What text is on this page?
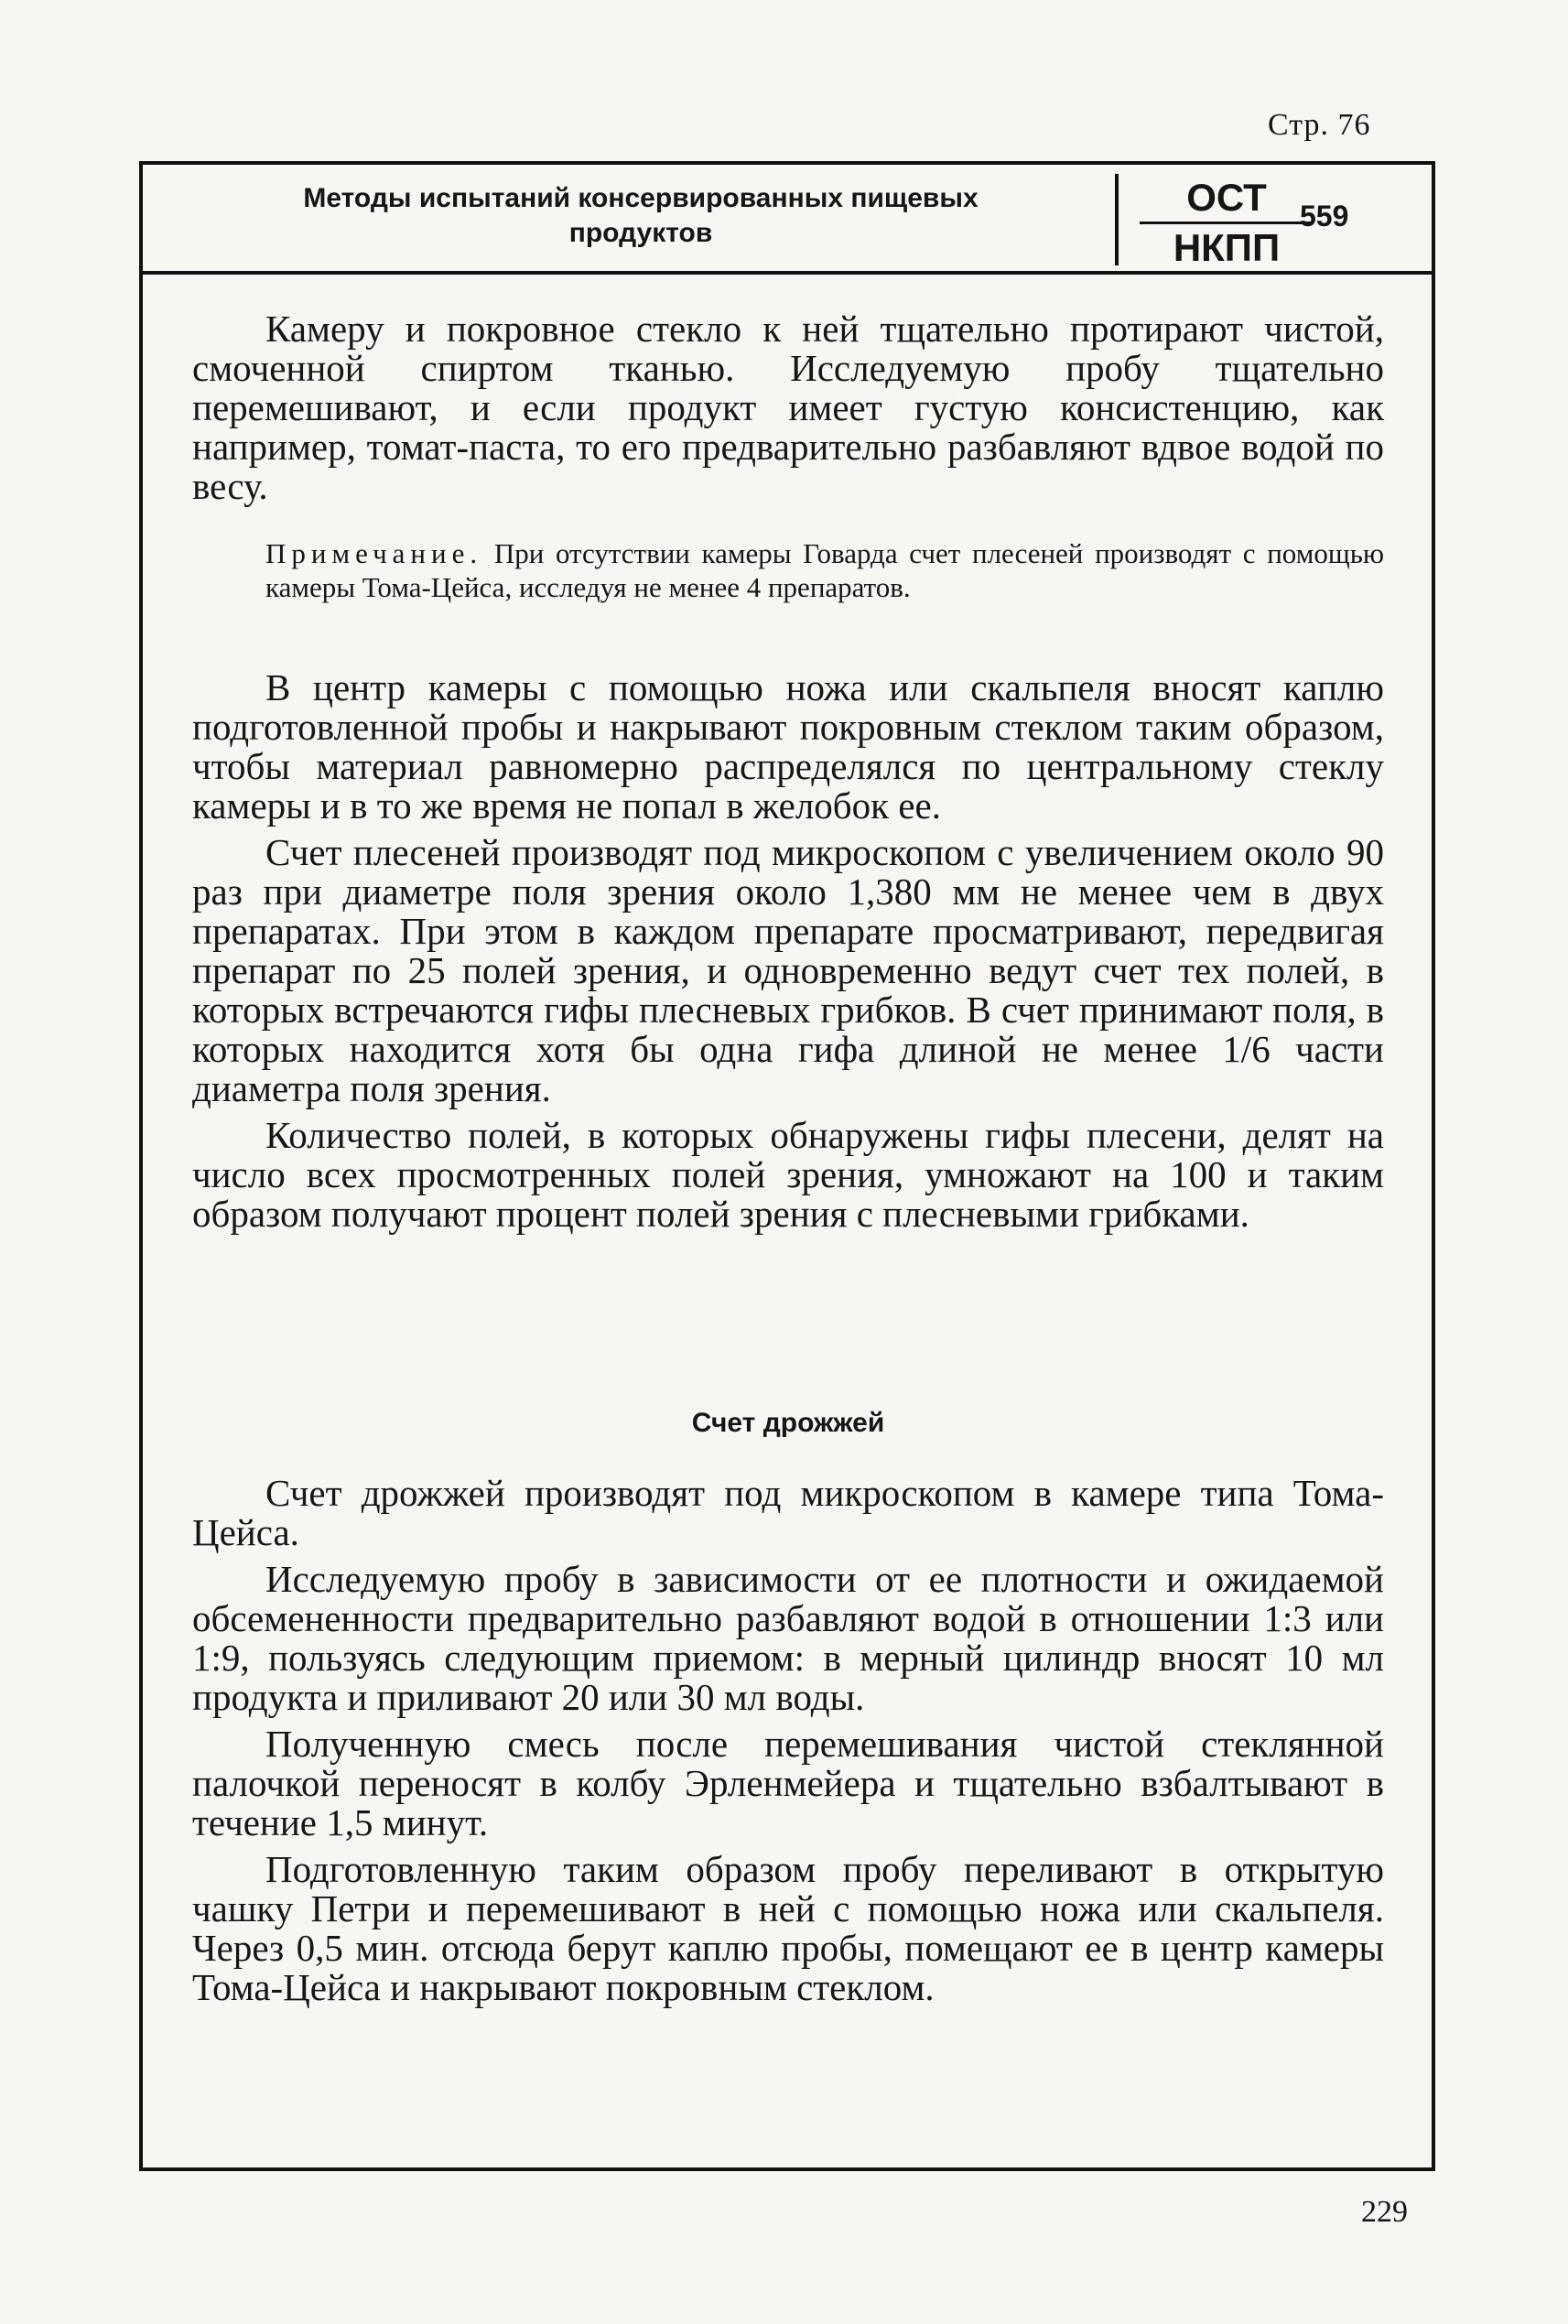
Стр. 76
Методы испытаний консервированных пищевых
продуктов
ОСТ
НКПП
559

Камеру и покровное стекло к ней тщательно протирают чистой, смоченной спиртом тканью. Исследуемую пробу тщательно перемешивают, и если продукт имеет густую консистенцию, как например, томат-паста, то его предварительно разбавляют вдвое водой по весу.

Примечание. При отсутствии камеры Говарда счет плесеней производят с помощью камеры Тома-Цейса, исследуя не менее 4 препаратов.

В центр камеры с помощью ножа или скальпеля вносят каплю подготовленной пробы и накрывают покровным стеклом таким образом, чтобы материал равномерно распределялся по центральному стеклу камеры и в то же время не попал в желобок ее.

Счет плесеней производят под микроскопом с увеличением около 90 раз при диаметре поля зрения около 1,380 мм не менее чем в двух препаратах. При этом в каждом препарате просматривают, передвигая препарат по 25 полей зрения, и одновременно ведут счет тех полей, в которых встречаются гифы плесневых грибков. В счет принимают поля, в которых находится хотя бы одна гифа длиной не менее 1/6 части диаметра поля зрения.

Количество полей, в которых обнаружены гифы плесени, делят на число всех просмотренных полей зрения, умножают на 100 и таким образом получают процент полей зрения с плесневыми грибками.

Счет дрожжей

Счет дрожжей производят под микроскопом в камере типа Тома-Цейса.

Исследуемую пробу в зависимости от ее плотности и ожидаемой обсемененности предварительно разбавляют водой в отношении 1:3 или 1:9, пользуясь следующим приемом: в мерный цилиндр вносят 10 мл продукта и приливают 20 или 30 мл воды.

Полученную смесь после перемешивания чистой стеклянной палочкой переносят в колбу Эрленмейера и тщательно взбалтывают в течение 1,5 минут.

Подготовленную таким образом пробу переливают в открытую чашку Петри и перемешивают в ней с помощью ножа или скальпеля. Через 0,5 мин. отсюда берут каплю пробы, помещают ее в центр камеры Тома-Цейса и накрывают покровным стеклом.

229
